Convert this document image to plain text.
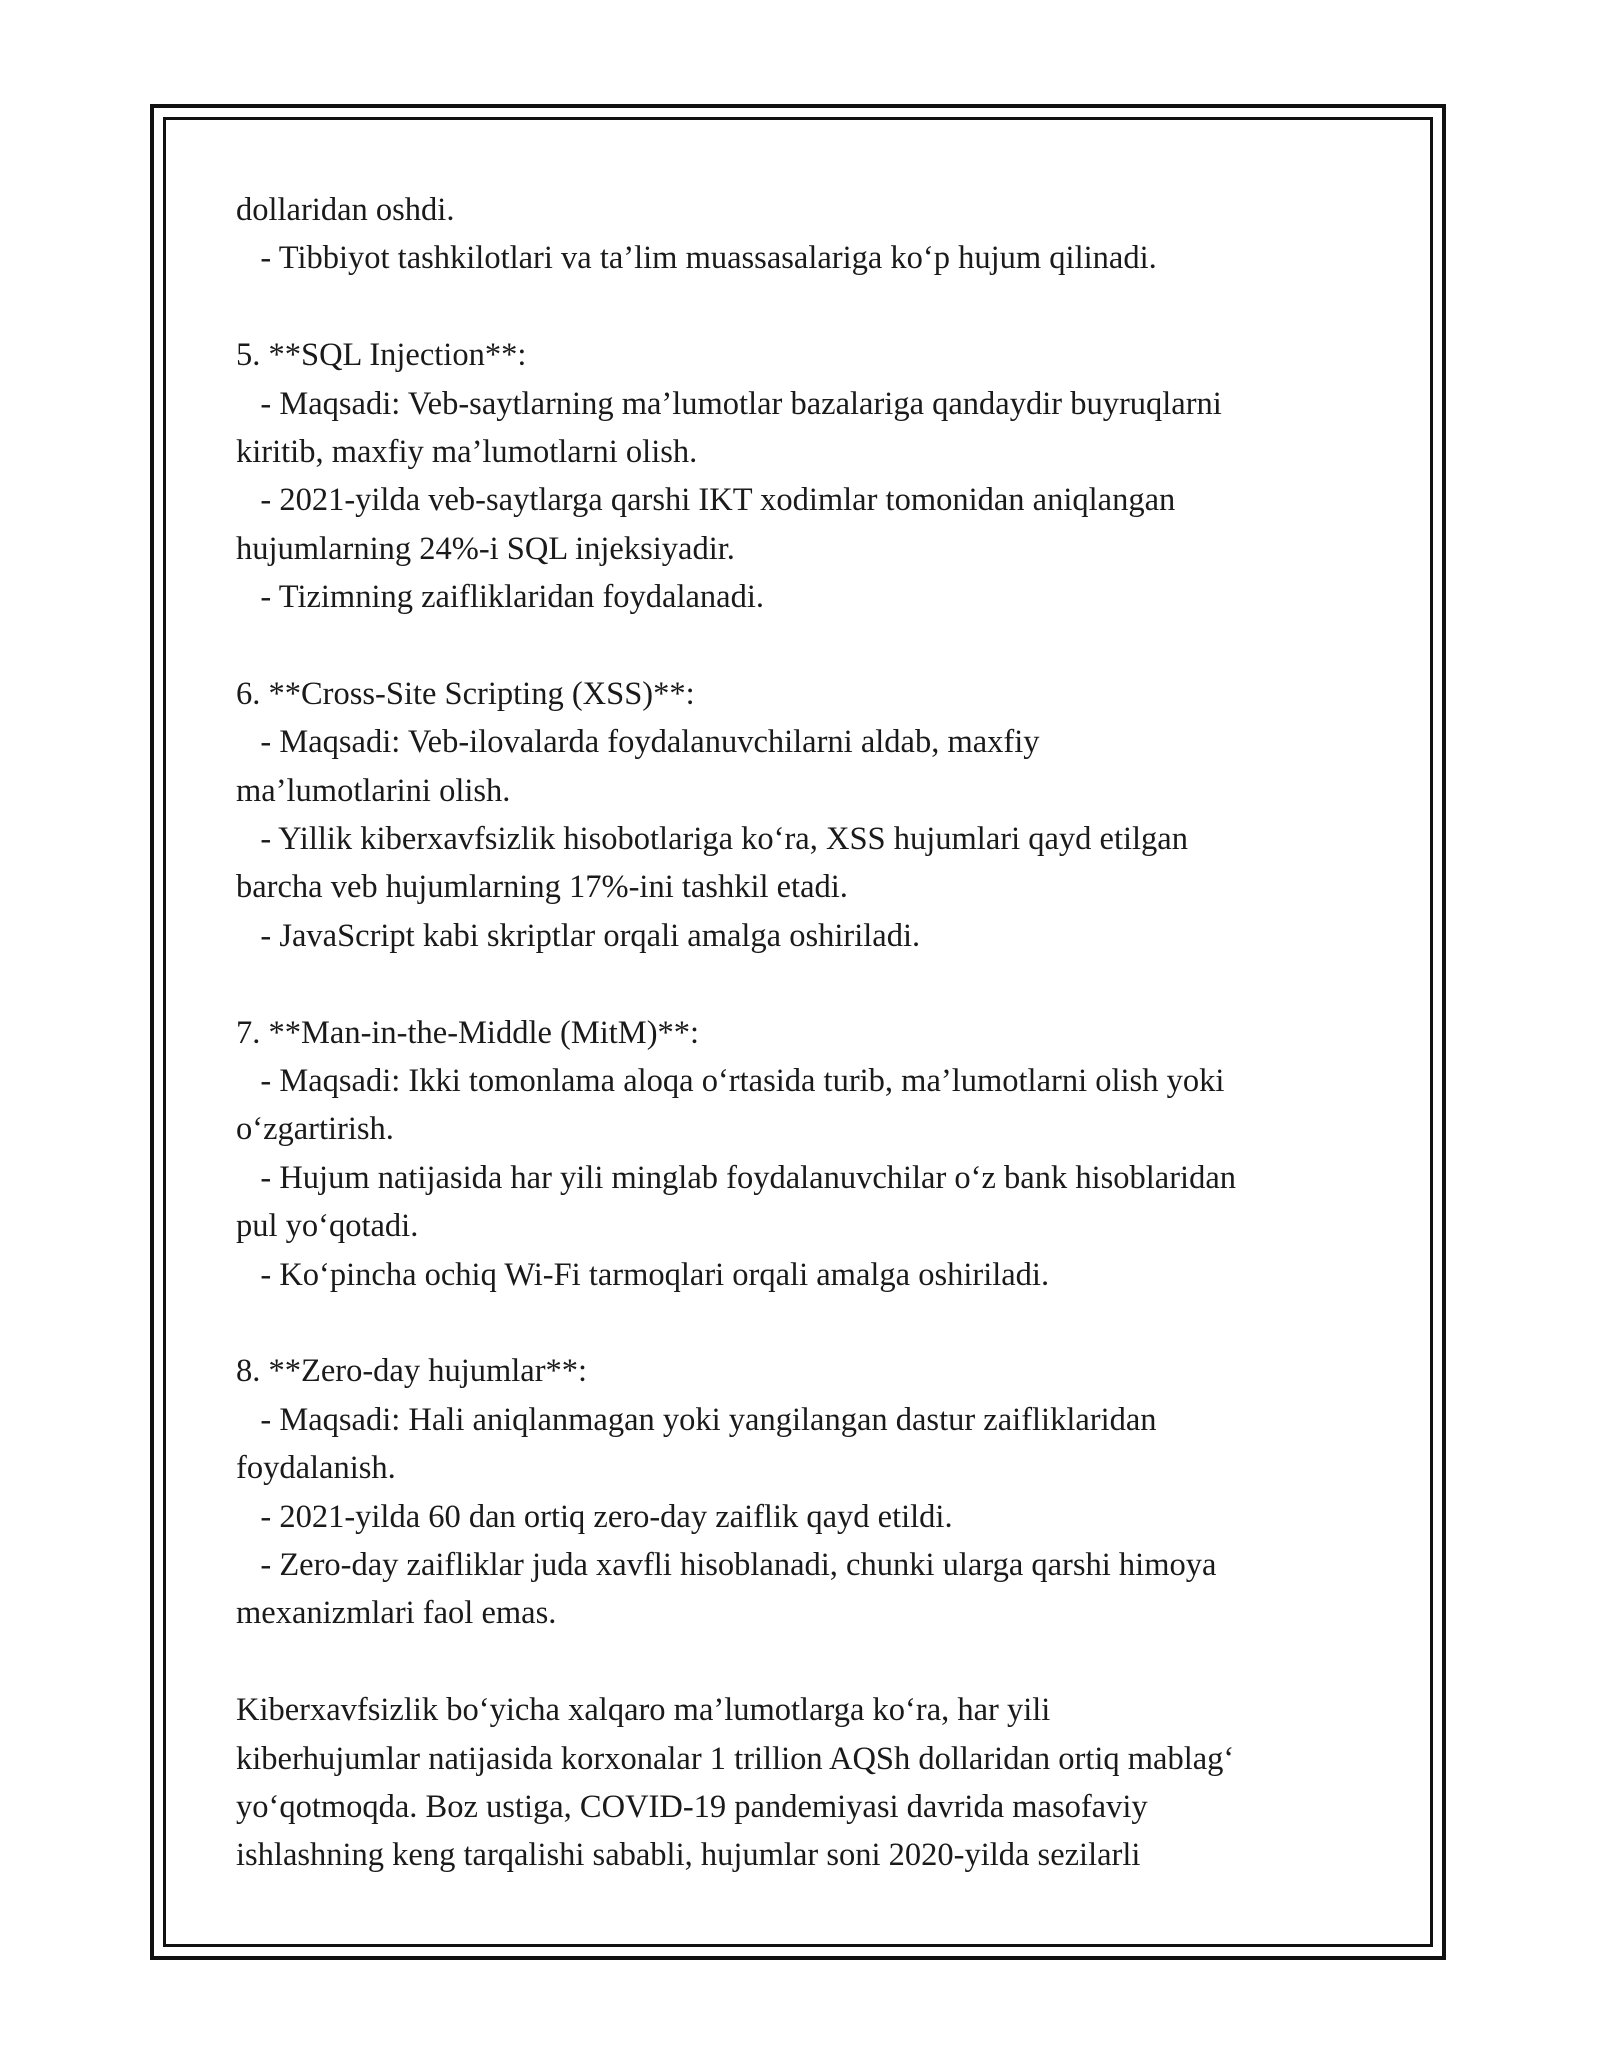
dollaridan oshdi.
- Tibbiyot tashkilotlari va ta’lim muassasalariga koʻp hujum qilinadi.
5. **SQL Injection**:
- Maqsadi: Veb-saytlarning ma’lumotlar bazalariga qandaydir buyruqlarni
kiritib, maxfiy ma’lumotlarni olish.
- 2021-yilda veb-saytlarga qarshi IKT xodimlar tomonidan aniqlangan
hujumlarning 24%-i SQL injeksiyadir.
- Tizimning zaifliklaridan foydalanadi.
6. **Cross-Site Scripting (XSS)**:
- Maqsadi: Veb-ilovalarda foydalanuvchilarni aldab, maxfiy
ma’lumotlarini olish.
- Yillik kiberxavfsizlik hisobotlariga koʻra, XSS hujumlari qayd etilgan
barcha veb hujumlarning 17%-ini tashkil etadi.
- JavaScript kabi skriptlar orqali amalga oshiriladi.
7. **Man-in-the-Middle (MitM)**:
- Maqsadi: Ikki tomonlama aloqa oʻrtasida turib, ma’lumotlarni olish yoki
oʻzgartirish.
- Hujum natijasida har yili minglab foydalanuvchilar oʻz bank hisoblaridan
pul yoʻqotadi.
- Koʻpincha ochiq Wi-Fi tarmoqlari orqali amalga oshiriladi.
8. **Zero-day hujumlar**:
- Maqsadi: Hali aniqlanmagan yoki yangilangan dastur zaifliklaridan
foydalanish.
- 2021-yilda 60 dan ortiq zero-day zaiflik qayd etildi.
- Zero-day zaifliklar juda xavfli hisoblanadi, chunki ularga qarshi himoya
mexanizmlari faol emas.
Kiberxavfsizlik boʻyicha xalqaro ma’lumotlarga koʻra, har yili
kiberhujumlar natijasida korxonalar 1 trillion AQSh dollaridan ortiq mablagʻ
yoʻqotmoqda. Boz ustiga, COVID-19 pandemiyasi davrida masofaviy
ishlashning keng tarqalishi sababli, hujumlar soni 2020-yilda sezilarli
